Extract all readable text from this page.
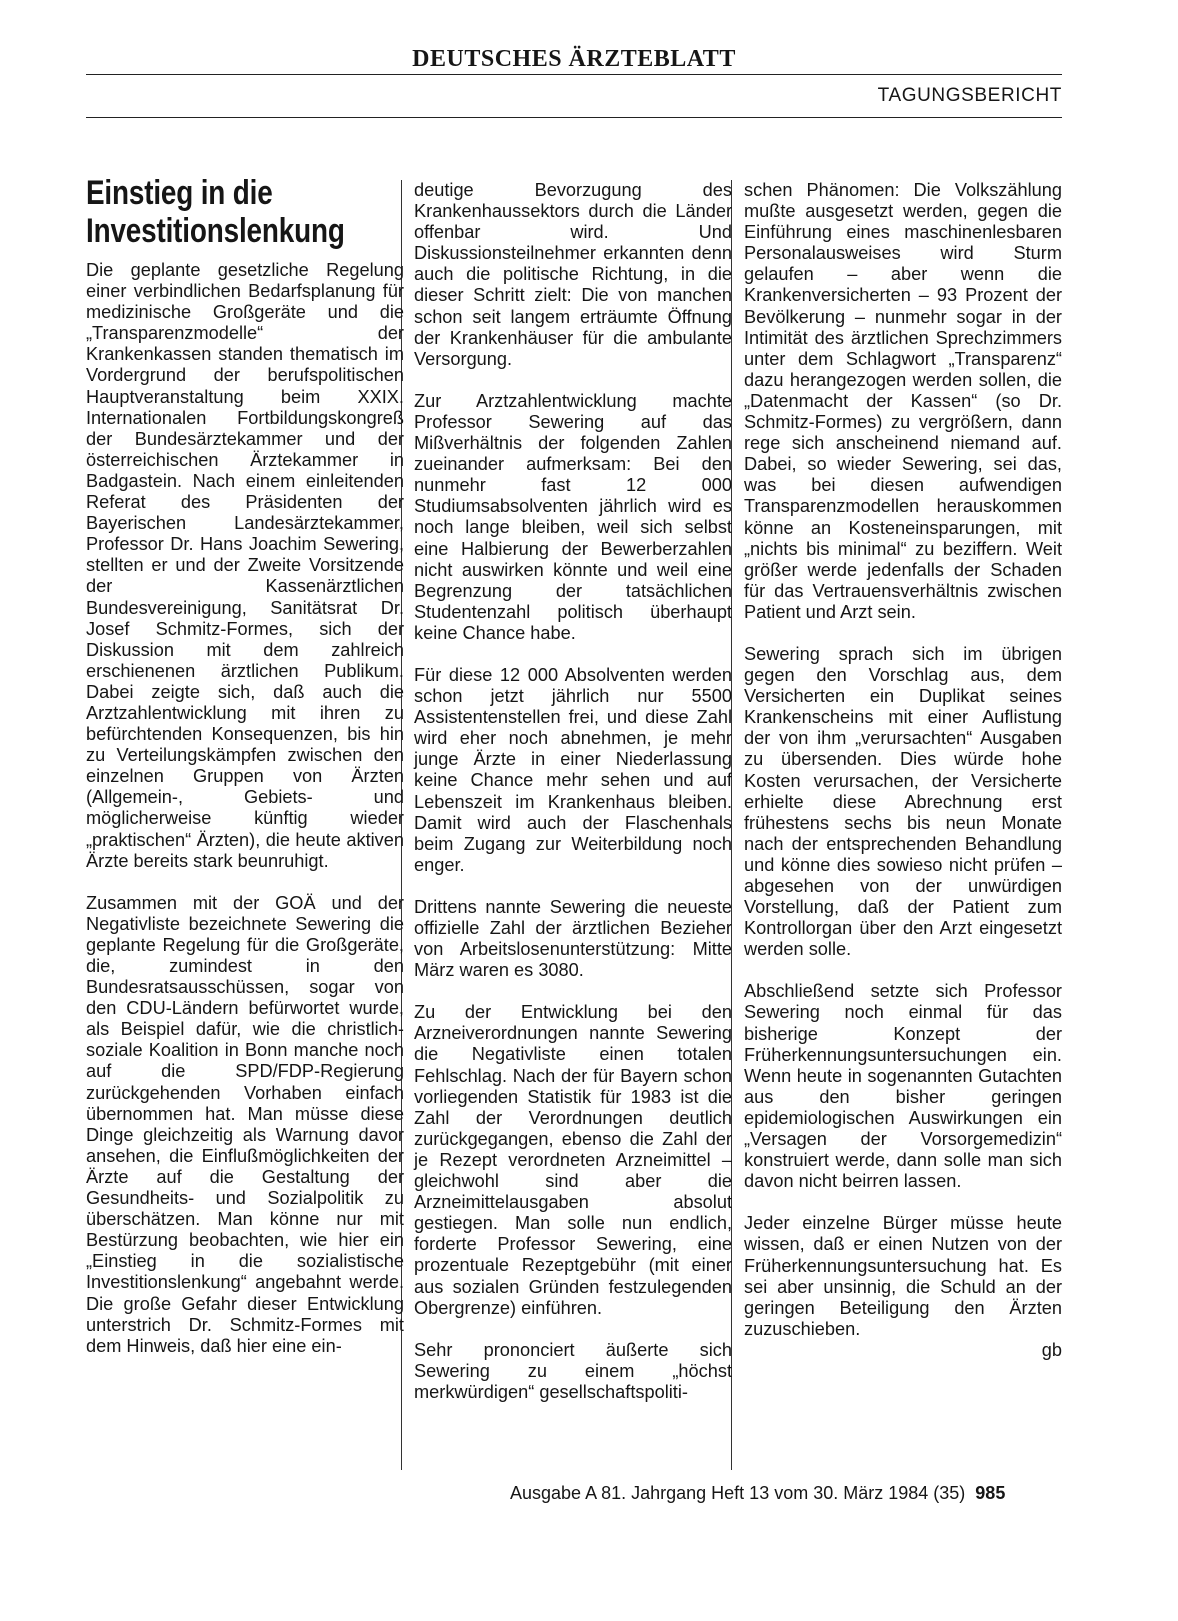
DEUTSCHES ÄRZTEBLATT
TAGUNGSBERICHT
Einstieg in die Investitionslenkung

Die geplante gesetzliche Regelung einer verbindlichen Bedarfsplanung für medizinische Großgeräte und die „Transparenzmodelle“ der Krankenkassen standen thematisch im Vordergrund der berufspolitischen Hauptveranstaltung beim XXIX. Internationalen Fortbildungskongreß der Bundesärztekammer und der österreichischen Ärztekammer in Badgastein. Nach einem einleitenden Referat des Präsidenten der Bayerischen Landesärztekammer, Professor Dr. Hans Joachim Sewering, stellten er und der Zweite Vorsitzende der Kassenärztlichen Bundesvereinigung, Sanitätsrat Dr. Josef Schmitz-Formes, sich der Diskussion mit dem zahlreich erschienenen ärztlichen Publikum. Dabei zeigte sich, daß auch die Arztzahlentwicklung mit ihren zu befürchtenden Konsequenzen, bis hin zu Verteilungskämpfen zwischen den einzelnen Gruppen von Ärzten (Allgemein-, Gebiets- und möglicherweise künftig wieder „praktischen“ Ärzten), die heute aktiven Ärzte bereits stark beunruhigt.

Zusammen mit der GOÄ und der Negativliste bezeichnete Sewering die geplante Regelung für die Großgeräte, die, zumindest in den Bundesratsausschüssen, sogar von den CDU-Ländern befürwortet wurde, als Beispiel dafür, wie die christlich-soziale Koalition in Bonn manche noch auf die SPD/FDP-Regierung zurückgehenden Vorhaben einfach übernommen hat. Man müsse diese Dinge gleichzeitig als Warnung davor ansehen, die Einflußmöglichkeiten der Ärzte auf die Gestaltung der Gesundheits- und Sozialpolitik zu überschätzen. Man könne nur mit Bestürzung beobachten, wie hier ein „Einstieg in die sozialistische Investitionslenkung“ angebahnt werde. Die große Gefahr dieser Entwicklung unterstrich Dr. Schmitz-Formes mit dem Hinweis, daß hier eine ein-

deutige Bevorzugung des Krankenhaussektors durch die Länder offenbar wird. Und Diskussionsteilnehmer erkannten denn auch die politische Richtung, in die dieser Schritt zielt: Die von manchen schon seit langem erträumte Öffnung der Krankenhäuser für die ambulante Versorgung.

Zur Arztzahlentwicklung machte Professor Sewering auf das Mißverhältnis der folgenden Zahlen zueinander aufmerksam: Bei den nunmehr fast 12 000 Studiumsabsolventen jährlich wird es noch lange bleiben, weil sich selbst eine Halbierung der Bewerberzahlen nicht auswirken könnte und weil eine Begrenzung der tatsächlichen Studentenzahl politisch überhaupt keine Chance habe.

Für diese 12 000 Absolventen werden schon jetzt jährlich nur 5500 Assistentenstellen frei, und diese Zahl wird eher noch abnehmen, je mehr junge Ärzte in einer Niederlassung keine Chance mehr sehen und auf Lebenszeit im Krankenhaus bleiben. Damit wird auch der Flaschenhals beim Zugang zur Weiterbildung noch enger.

Drittens nannte Sewering die neueste offizielle Zahl der ärztlichen Bezieher von Arbeitslosenunterstützung: Mitte März waren es 3080.

Zu der Entwicklung bei den Arzneiverordnungen nannte Sewering die Negativliste einen totalen Fehlschlag. Nach der für Bayern schon vorliegenden Statistik für 1983 ist die Zahl der Verordnungen deutlich zurückgegangen, ebenso die Zahl der je Rezept verordneten Arzneimittel – gleichwohl sind aber die Arzneimittelausgaben absolut gestiegen. Man solle nun endlich, forderte Professor Sewering, eine prozentuale Rezeptgebühr (mit einer aus sozialen Gründen festzulegenden Obergrenze) einführen.

Sehr prononciert äußerte sich Sewering zu einem „höchst merkwürdigen“ gesellschaftspoliti-

schen Phänomen: Die Volkszählung mußte ausgesetzt werden, gegen die Einführung eines maschinenlesbaren Personalausweises wird Sturm gelaufen – aber wenn die Krankenversicherten – 93 Prozent der Bevölkerung – nunmehr sogar in der Intimität des ärztlichen Sprechzimmers unter dem Schlagwort „Transparenz“ dazu herangezogen werden sollen, die „Datenmacht der Kassen“ (so Dr. Schmitz-Formes) zu vergrößern, dann rege sich anscheinend niemand auf. Dabei, so wieder Sewering, sei das, was bei diesen aufwendigen Transparenzmodellen herauskommen könne an Kosteneinsparungen, mit „nichts bis minimal“ zu beziffern. Weit größer werde jedenfalls der Schaden für das Vertrauensverhältnis zwischen Patient und Arzt sein.

Sewering sprach sich im übrigen gegen den Vorschlag aus, dem Versicherten ein Duplikat seines Krankenscheins mit einer Auflistung der von ihm „verursachten“ Ausgaben zu übersenden. Dies würde hohe Kosten verursachen, der Versicherte erhielte diese Abrechnung erst frühestens sechs bis neun Monate nach der entsprechenden Behandlung und könne dies sowieso nicht prüfen – abgesehen von der unwürdigen Vorstellung, daß der Patient zum Kontrollorgan über den Arzt eingesetzt werden solle.

Abschließend setzte sich Professor Sewering noch einmal für das bisherige Konzept der Früherkennungsuntersuchungen ein. Wenn heute in sogenannten Gutachten aus den bisher geringen epidemiologischen Auswirkungen ein „Versagen der Vorsorgemedizin“ konstruiert werde, dann solle man sich davon nicht beirren lassen.

Jeder einzelne Bürger müsse heute wissen, daß er einen Nutzen von der Früherkennungsuntersuchung hat. Es sei aber unsinnig, die Schuld an der geringen Beteiligung den Ärzten zuzuschieben.

gb
Ausgabe A 81. Jahrgang Heft 13 vom 30. März 1984 (35) 985
